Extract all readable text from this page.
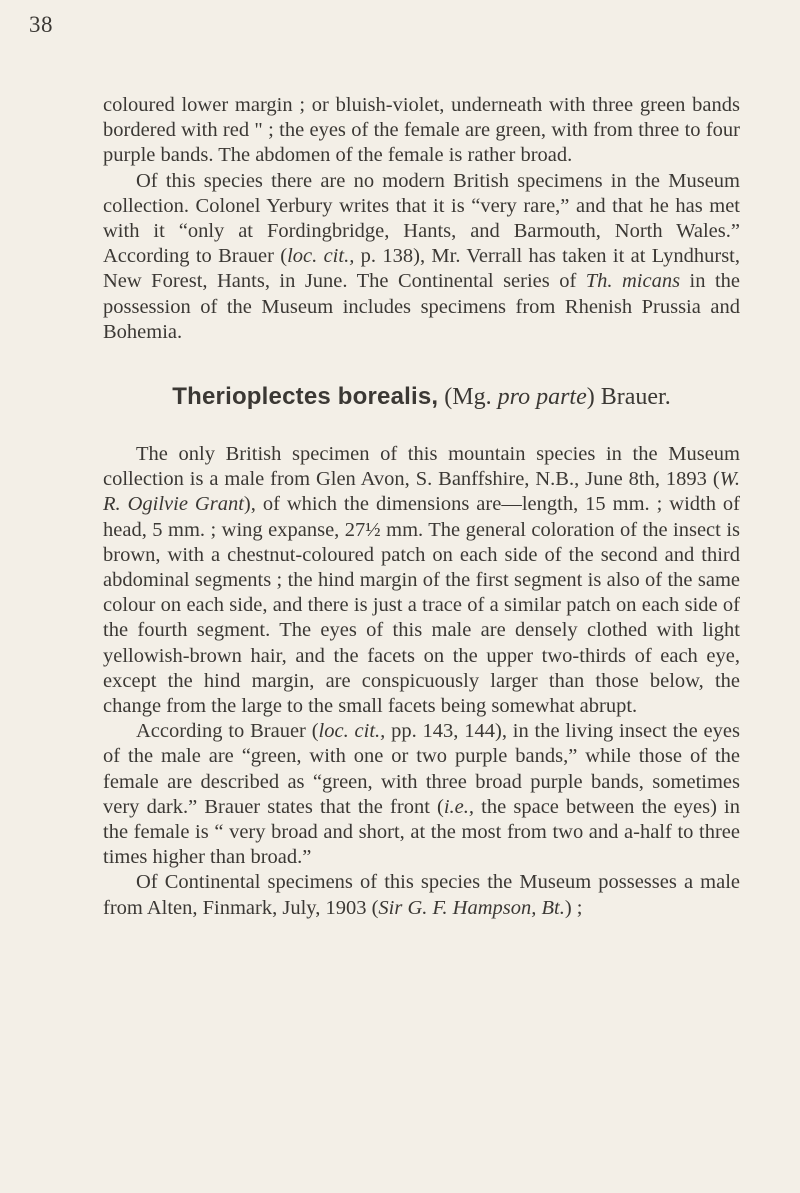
38

coloured lower margin ; or bluish-violet, underneath with three green bands bordered with red " ; the eyes of the female are green, with from three to four purple bands. The abdomen of the female is rather broad.

Of this species there are no modern British specimens in the Museum collection. Colonel Yerbury writes that it is “very rare,” and that he has met with it “only at Fordingbridge, Hants, and Barmouth, North Wales.” According to Brauer (loc. cit., p. 138), Mr. Verrall has taken it at Lyndhurst, New Forest, Hants, in June. The Continental series of Th. micans in the possession of the Museum includes specimens from Rhenish Prussia and Bohemia.

Therioplectes borealis, (Mg. pro parte) Brauer.

The only British specimen of this mountain species in the Museum collection is a male from Glen Avon, S. Banffshire, N.B., June 8th, 1893 (W. R. Ogilvie Grant), of which the dimensions are—length, 15 mm. ; width of head, 5 mm. ; wing expanse, 27½ mm. The general coloration of the insect is brown, with a chestnut-coloured patch on each side of the second and third abdominal segments ; the hind margin of the first segment is also of the same colour on each side, and there is just a trace of a similar patch on each side of the fourth segment. The eyes of this male are densely clothed with light yellowish-brown hair, and the facets on the upper two-thirds of each eye, except the hind margin, are conspicuously larger than those below, the change from the large to the small facets being somewhat abrupt.

According to Brauer (loc. cit., pp. 143, 144), in the living insect the eyes of the male are “green, with one or two purple bands,” while those of the female are described as “green, with three broad purple bands, sometimes very dark.” Brauer states that the front (i.e., the space between the eyes) in the female is “ very broad and short, at the most from two and a-half to three times higher than broad.”

Of Continental specimens of this species the Museum possesses a male from Alten, Finmark, July, 1903 (Sir G. F. Hampson, Bt.) ;
